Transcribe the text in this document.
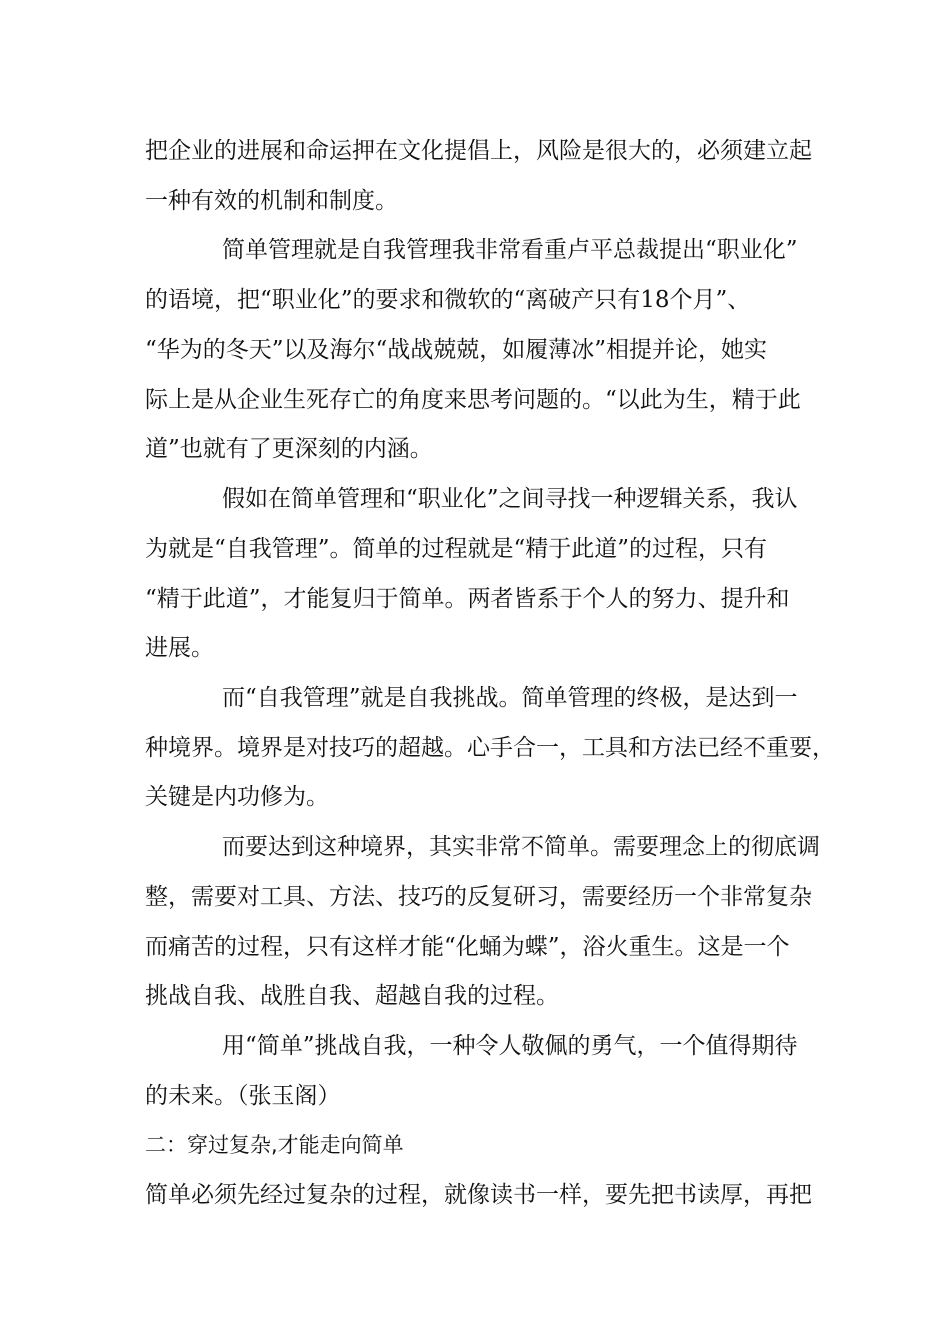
把企业的进展和命运押在文化提倡上，风险是很大的，必须建立起
一种有效的机制和制度。
简单管理就是自我管理我非常看重卢平总裁提出“职业化”
的语境，把“职业化”的要求和微软的“离破产只有18个月”、
“华为的冬天”以及海尔“战战兢兢，如履薄冰”相提并论，她实
际上是从企业生死存亡的角度来思考问题的。“以此为生，精于此
道”也就有了更深刻的内涵。
假如在简单管理和“职业化”之间寻找一种逻辑关系，我认
为就是“自我管理”。简单的过程就是“精于此道”的过程，只有
“精于此道”，才能复归于简单。两者皆系于个人的努力、提升和
进展。
而“自我管理”就是自我挑战。简单管理的终极，是达到一
种境界。境界是对技巧的超越。心手合一，工具和方法已经不重要，
关键是内功修为。
而要达到这种境界，其实非常不简单。需要理念上的彻底调
整，需要对工具、方法、技巧的反复研习，需要经历一个非常复杂
而痛苦的过程，只有这样才能“化蛹为蝶”，浴火重生。这是一个
挑战自我、战胜自我、超越自我的过程。
用“简单”挑战自我，一种令人敬佩的勇气，一个值得期待
的未来。（张玉阁）
二：穿过复杂,才能走向简单
简单必须先经过复杂的过程，就像读书一样，要先把书读厚，再把
